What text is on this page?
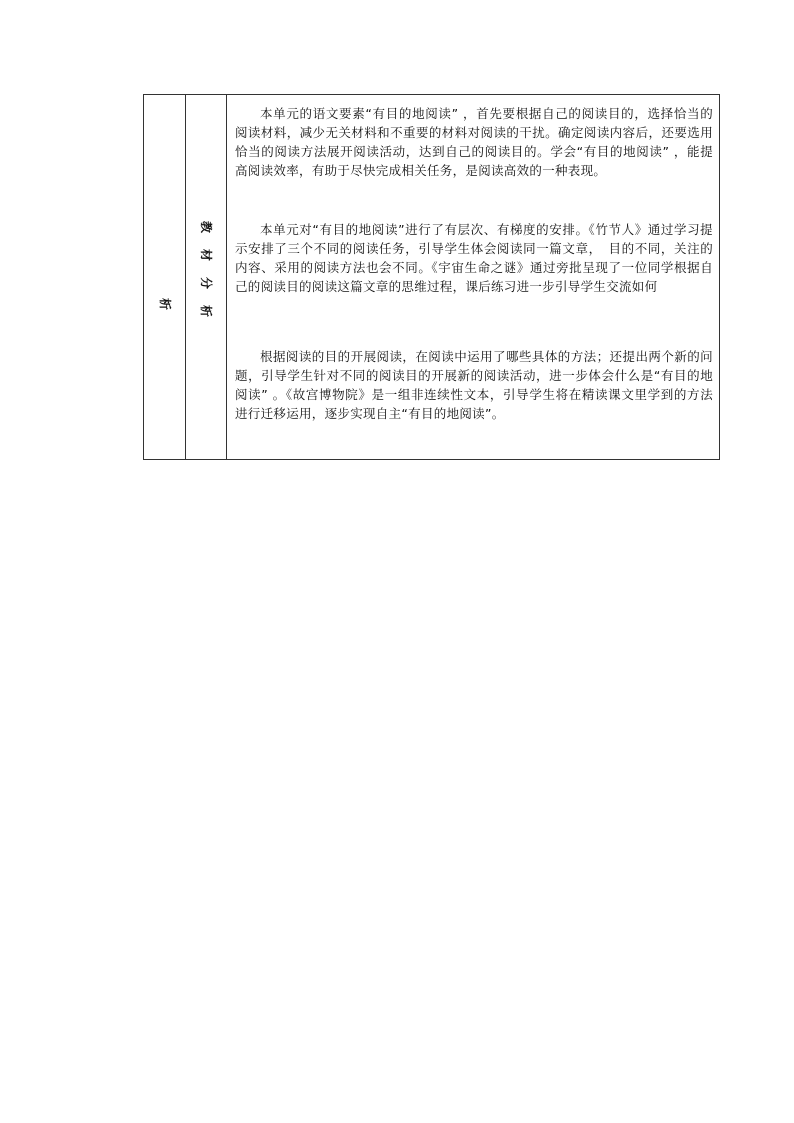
析
教
材
分
析

本单元的语文要素“有目的地阅读” ，首先要根据自己的阅读目的，选择恰当的阅读材料，减少无关材料和不重要的材料对阅读的干扰。确定阅读内容后，还要选用恰当的阅读方法展开阅读活动，达到自己的阅读目的。学会“有目的地阅读” ，能提高阅读效率，有助于尽快完成相关任务，是阅读高效的一种表现。

本单元对“有目的地阅读”进行了有层次、有梯度的安排。《竹节人》通过学习提示安排了三个不同的阅读任务，引导学生体会阅读同一篇文章，　目的不同，关注的内容、采用的阅读方法也会不同。《宇宙生命之谜》通过旁批呈现了一位同学根据自己的阅读目的阅读这篇文章的思维过程，课后练习进一步引导学生交流如何

根据阅读的目的开展阅读，在阅读中运用了哪些具体的方法；还提出两个新的问题，引导学生针对不同的阅读目的开展新的阅读活动，进一步体会什么是“有目的地阅读” 。《故宫博物院》是一组非连续性文本，引导学生将在精读课文里学到的方法进行迁移运用，逐步实现自主“有目的地阅读”。
